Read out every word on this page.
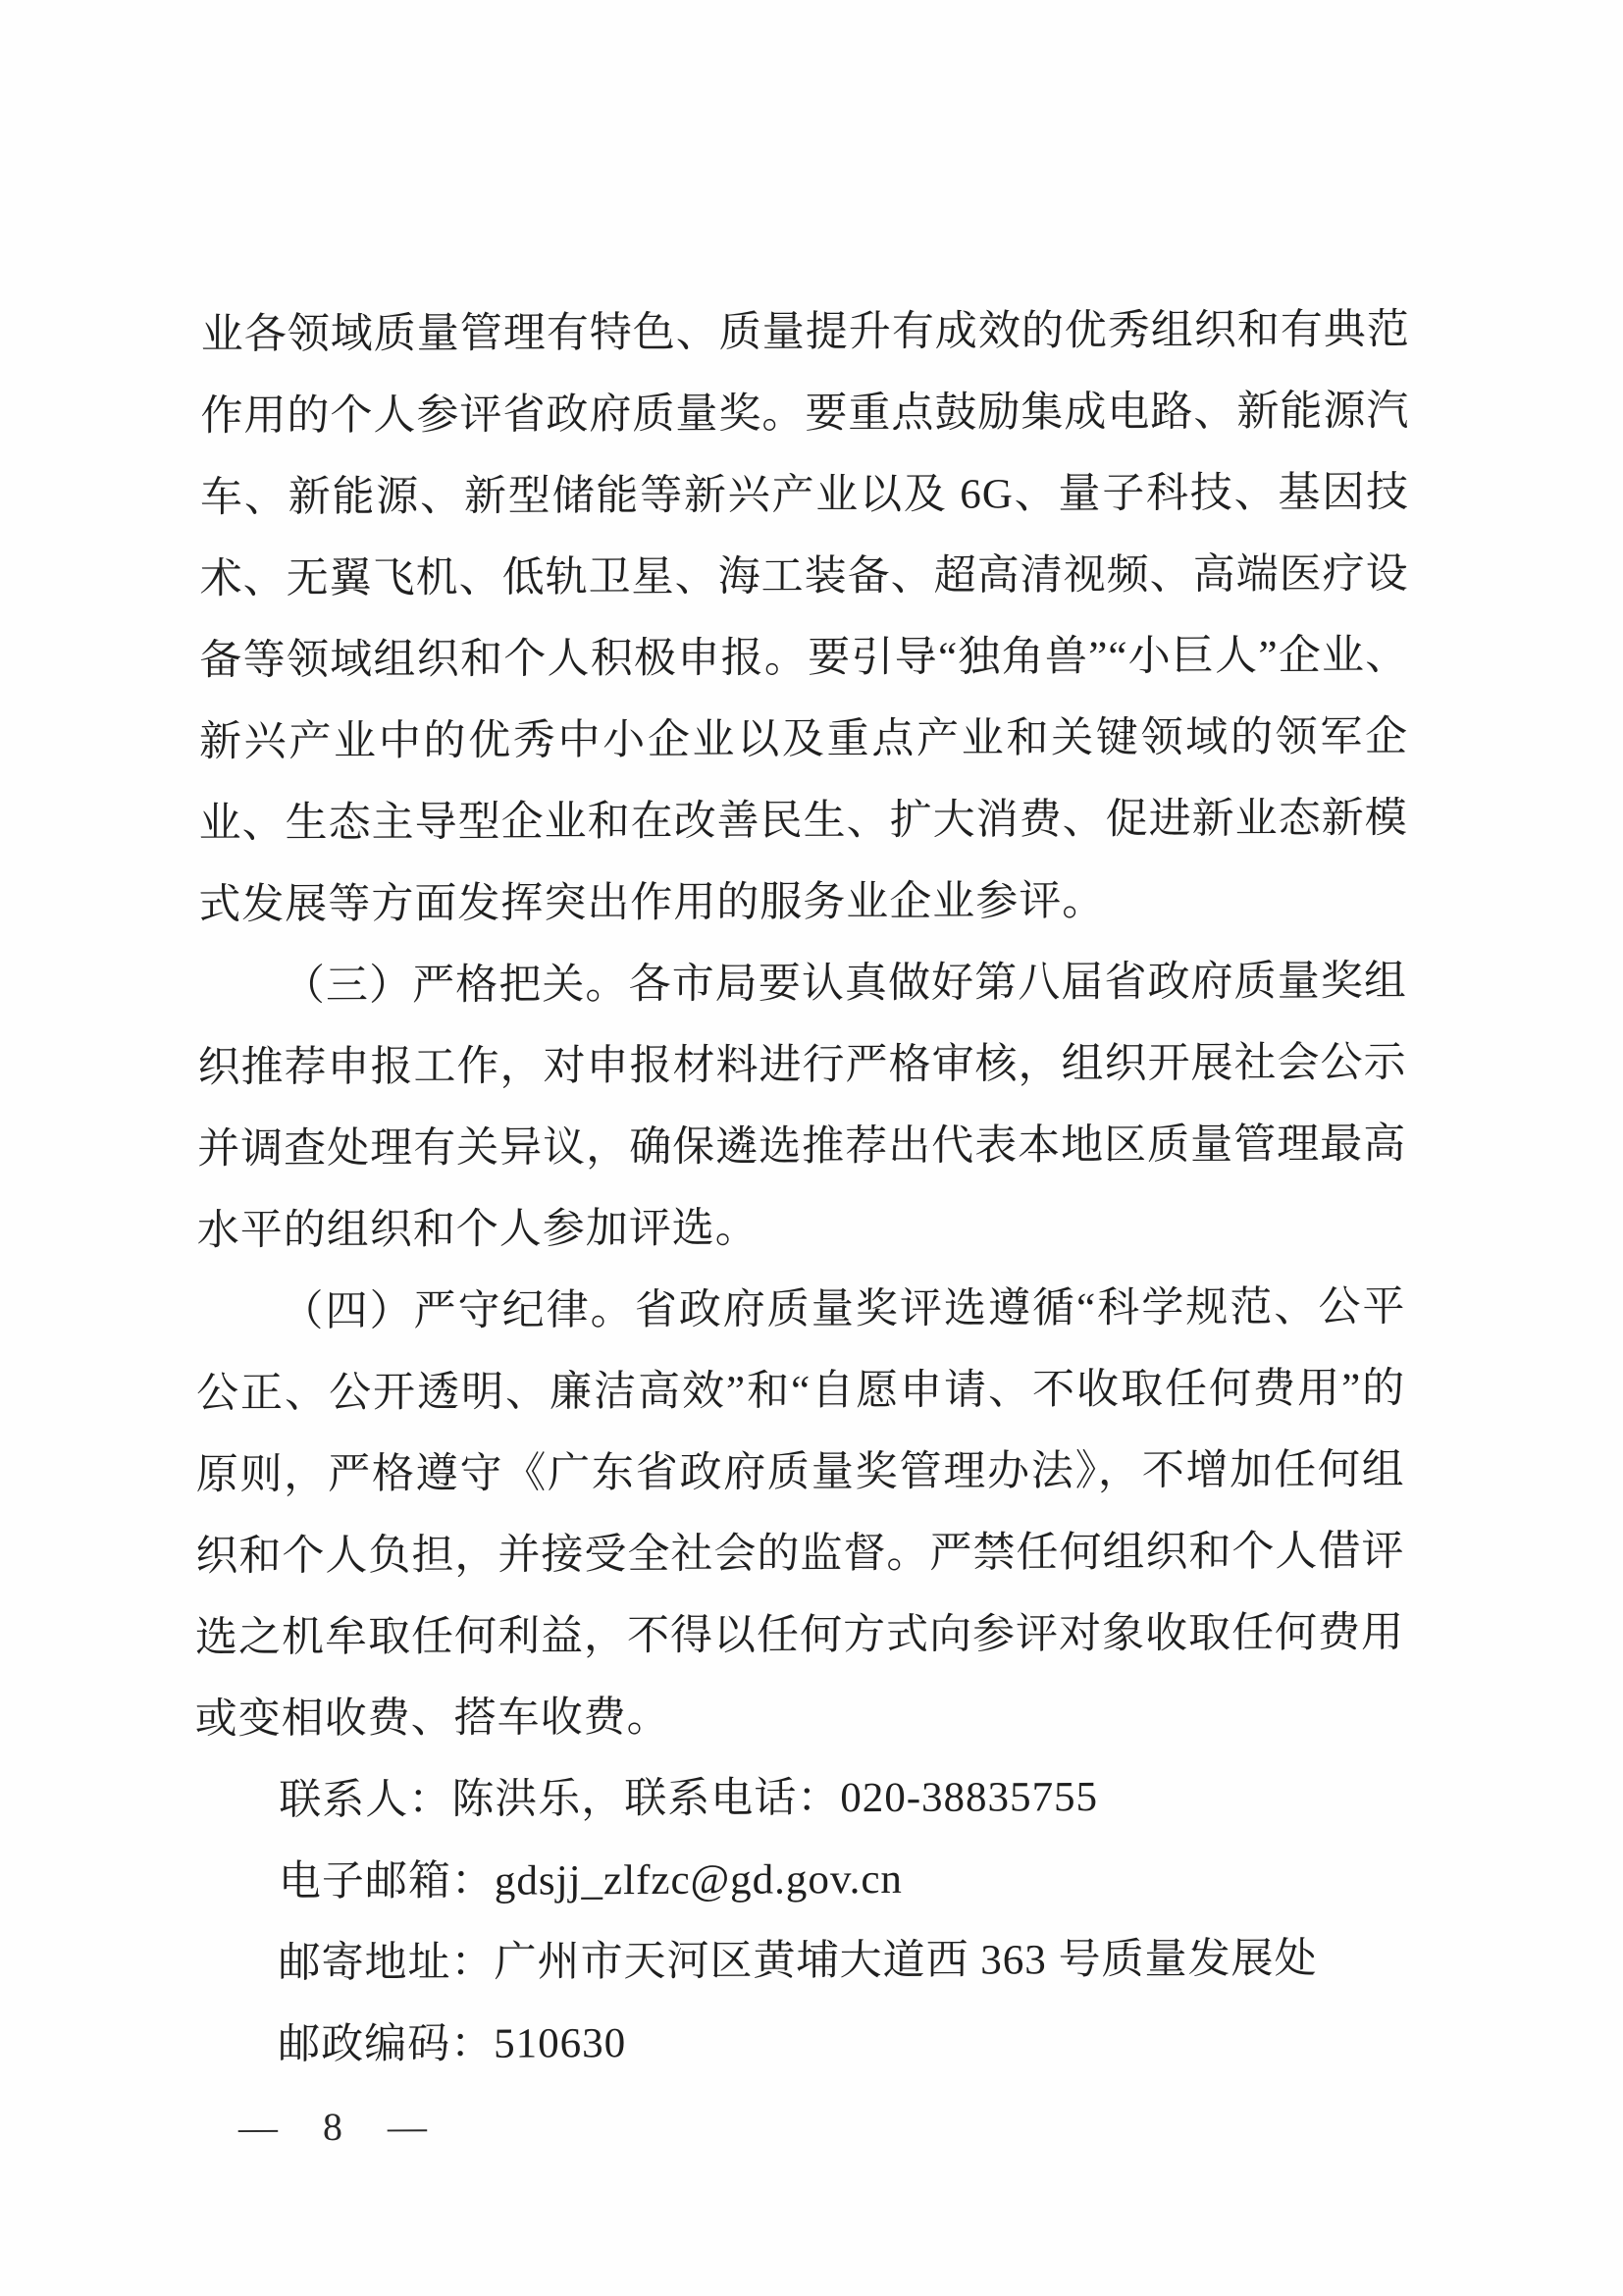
业各领域质量管理有特色、质量提升有成效的优秀组织和有典范作用的个人参评省政府质量奖。要重点鼓励集成电路、新能源汽车、新能源、新型储能等新兴产业以及 6G、量子科技、基因技术、无翼飞机、低轨卫星、海工装备、超高清视频、高端医疗设备等领域组织和个人积极申报。要引导“独角兽”“小巨人”企业、新兴产业中的优秀中小企业以及重点产业和关键领域的领军企业、生态主导型企业和在改善民生、扩大消费、促进新业态新模式发展等方面发挥突出作用的服务业企业参评。

（三）严格把关。各市局要认真做好第八届省政府质量奖组织推荐申报工作，对申报材料进行严格审核，组织开展社会公示并调查处理有关异议，确保遴选推荐出代表本地区质量管理最高水平的组织和个人参加评选。

（四）严守纪律。省政府质量奖评选遵循“科学规范、公平公正、公开透明、廉洁高效”和“自愿申请、不收取任何费用”的原则，严格遵守《广东省政府质量奖管理办法》，不增加任何组织和个人负担，并接受全社会的监督。严禁任何组织和个人借评选之机牟取任何利益，不得以任何方式向参评对象收取任何费用或变相收费、搭车收费。

联系人：陈洪乐，联系电话：020-38835755

电子邮箱：gdsjj_zlfzc@gd.gov.cn

邮寄地址：广州市天河区黄埔大道西 363 号质量发展处

邮政编码：510630

— 8 —
